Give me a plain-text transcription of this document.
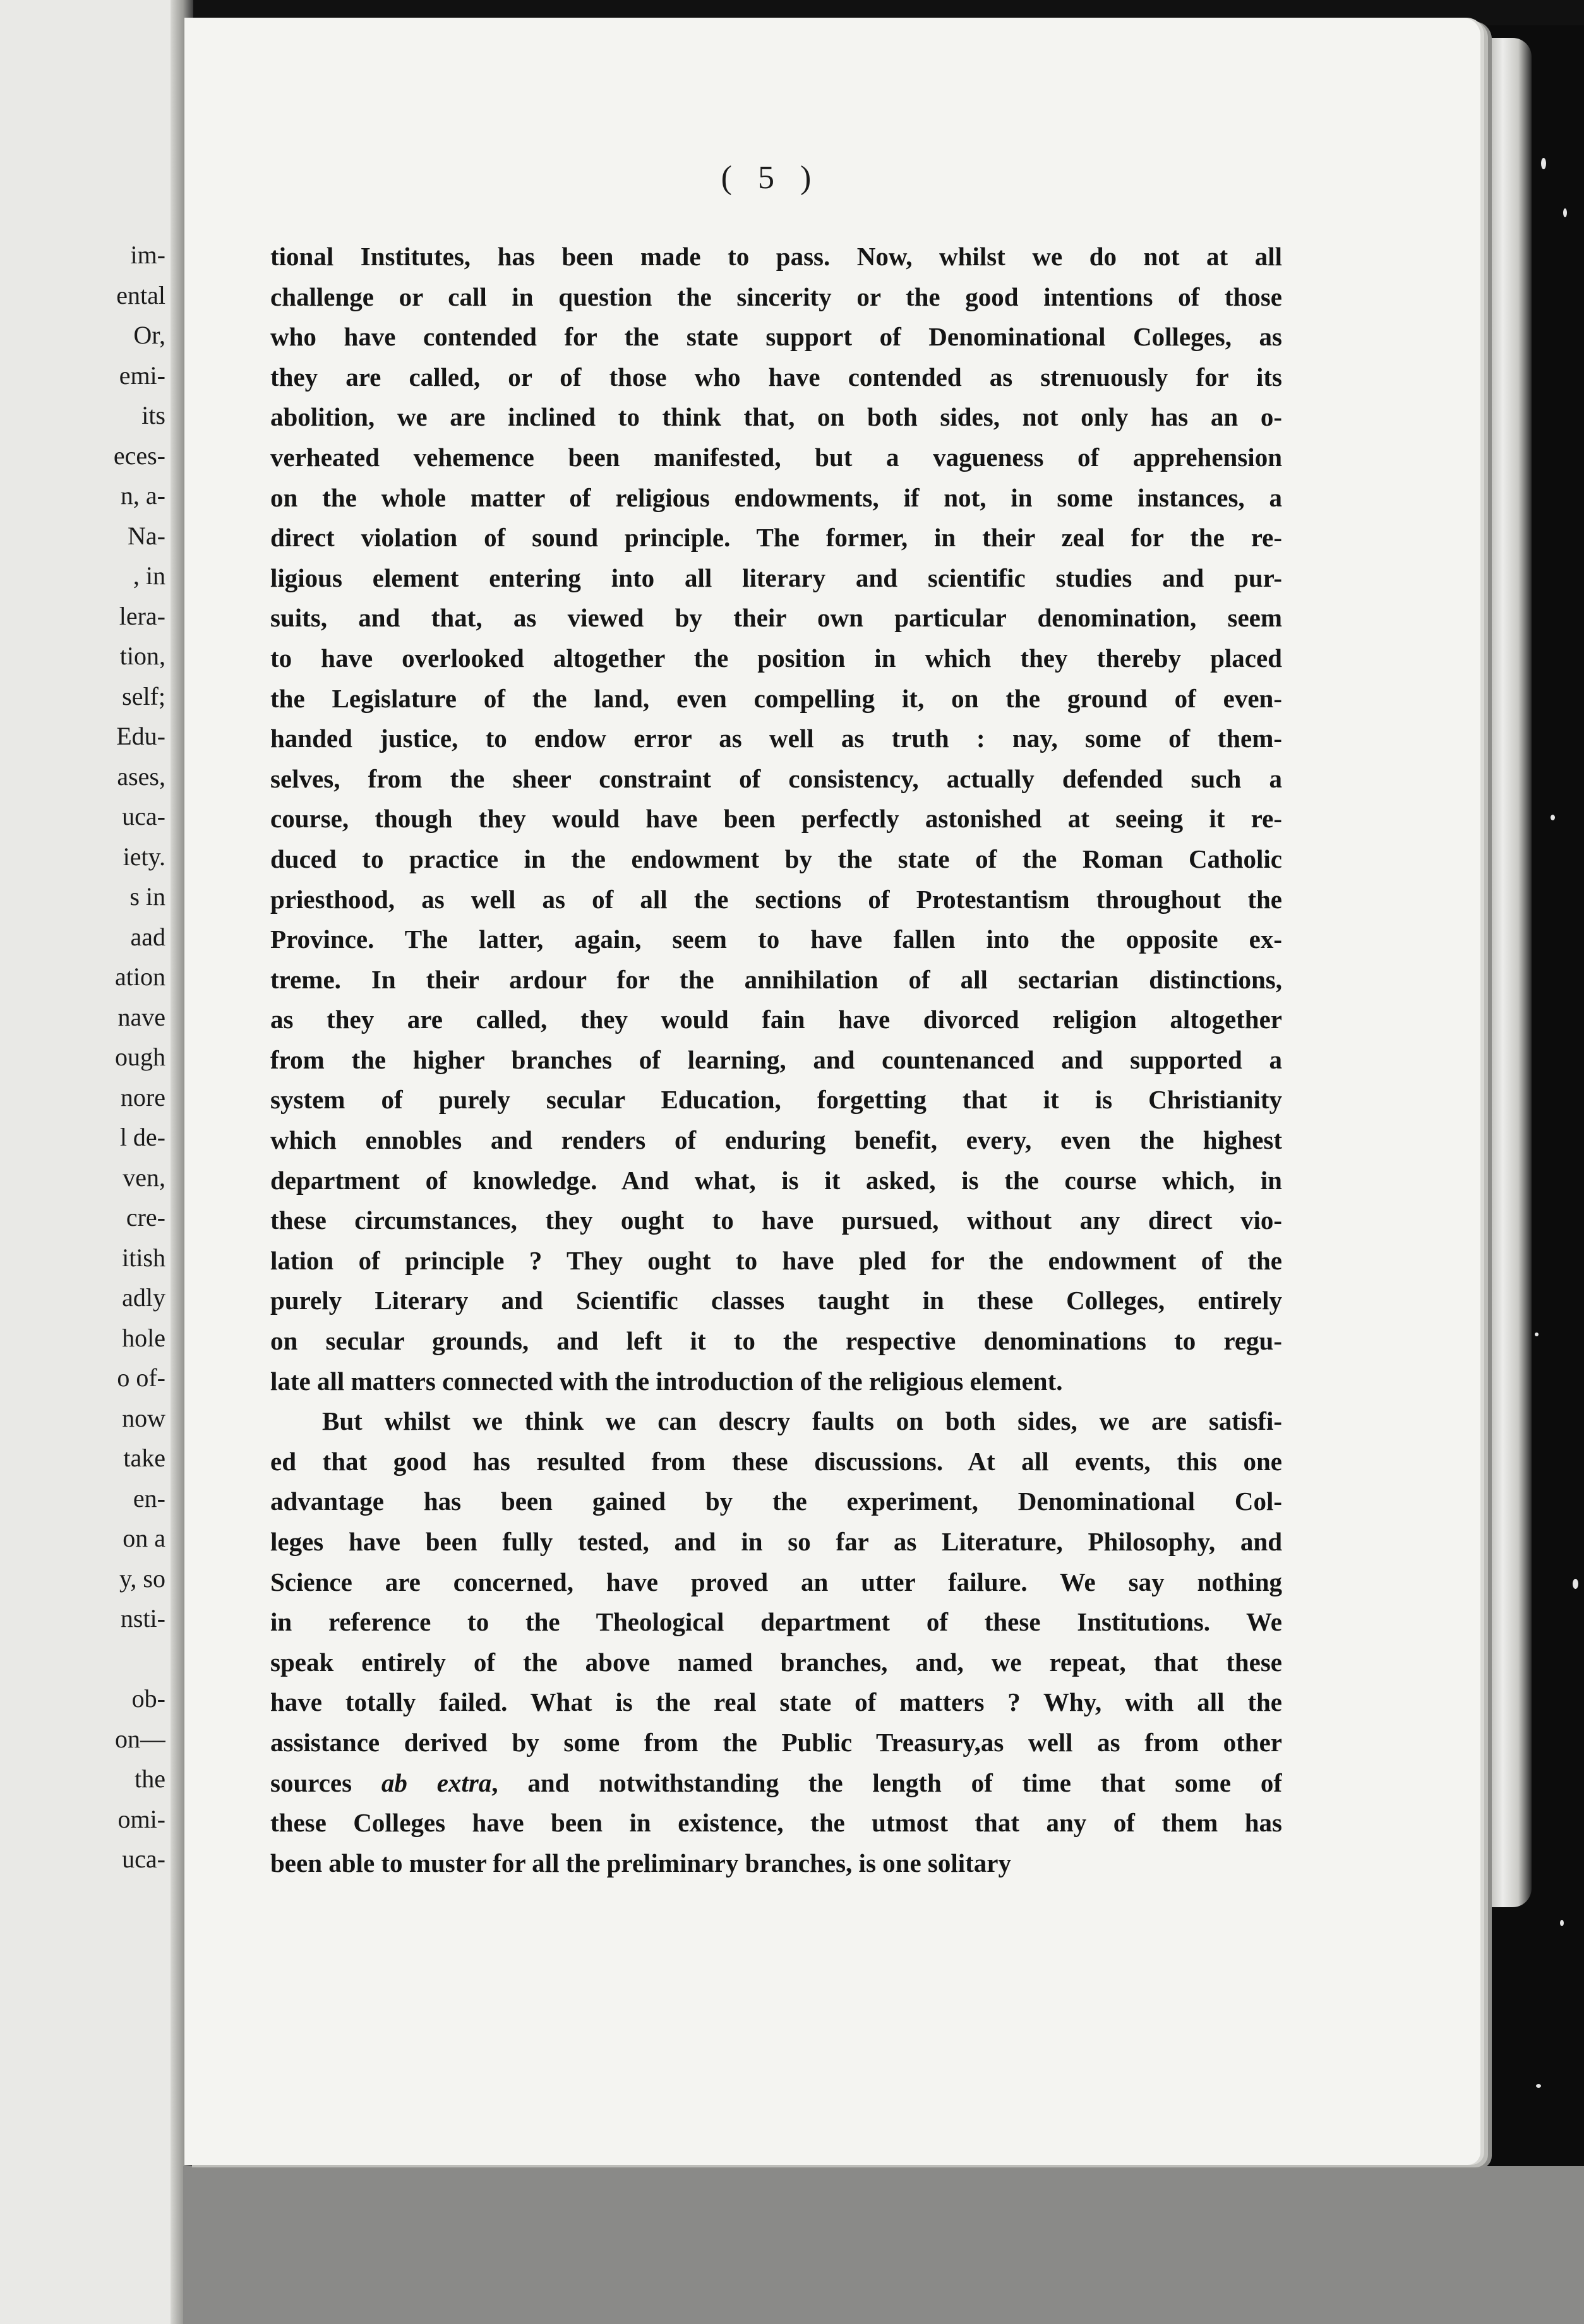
im-
ental
Or,
emi-
its
eces-
n, a-
Na-
, in
lera-
tion,
self;
Edu-
ases,
uca-
iety.
s in
aad
ation
nave
ough
nore
l de-
ven,
cre-
itish
adly
hole
o of-
now
take
en-
on a
y, so
nsti-
ob-
on—
the
omi-
uca-
( 5 )
tional Institutes, has been made to pass. Now, whilst we do not at all
challenge or call in question the sincerity or the good intentions of those
who have contended for the state support of Denominational Colleges, as
they are called, or of those who have contended as strenuously for its
abolition, we are inclined to think that, on both sides, not only has an o-
verheated vehemence been manifested, but a vagueness of apprehension
on the whole matter of religious endowments, if not, in some instances, a
direct violation of sound principle. The former, in their zeal for the re-
ligious element entering into all literary and scientific studies and pur-
suits, and that, as viewed by their own particular denomination, seem
to have overlooked altogether the position in which they thereby placed
the Legislature of the land, even compelling it, on the ground of even-
handed justice, to endow error as well as truth : nay, some of them-
selves, from the sheer constraint of consistency, actually defended such a
course, though they would have been perfectly astonished at seeing it re-
duced to practice in the endowment by the state of the Roman Catholic
priesthood, as well as of all the sections of Protestantism throughout the
Province. The latter, again, seem to have fallen into the opposite ex-
treme. In their ardour for the annihilation of all sectarian distinctions,
as they are called, they would fain have divorced religion altogether
from the higher branches of learning, and countenanced and supported a
system of purely secular Education, forgetting that it is Christianity
which ennobles and renders of enduring benefit, every, even the highest
department of knowledge. And what, is it asked, is the course which, in
these circumstances, they ought to have pursued, without any direct vio-
lation of principle ? They ought to have pled for the endowment of the
purely Literary and Scientific classes taught in these Colleges, entirely
on secular grounds, and left it to the respective denominations to regu-
late all matters connected with the introduction of the religious element.
But whilst we think we can descry faults on both sides, we are satisfi-
ed that good has resulted from these discussions. At all events, this one
advantage has been gained by the experiment, Denominational Col-
leges have been fully tested, and in so far as Literature, Philosophy, and
Science are concerned, have proved an utter failure. We say nothing
in reference to the Theological department of these Institutions. We
speak entirely of the above named branches, and, we repeat, that these
have totally failed. What is the real state of matters ? Why, with all the
assistance derived by some from the Public Treasury,as well as from other
sources ab extra, and notwithstanding the length of time that some of
these Colleges have been in existence, the utmost that any of them has
been able to muster for all the preliminary branches, is one solitary
